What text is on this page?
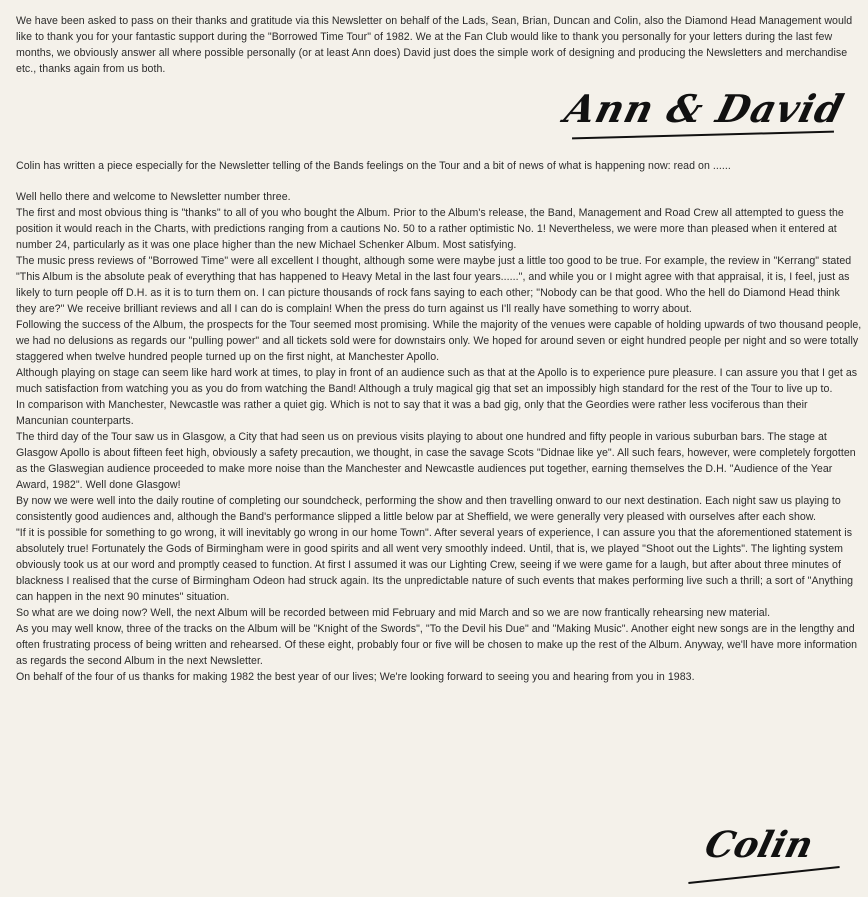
We have been asked to pass on their thanks and gratitude via this Newsletter on behalf of the Lads, Sean, Brian, Duncan and Colin, also the Diamond Head Management would like to thank you for your fantastic support during the "Borrowed Time Tour" of 1982. We at the Fan Club would like to thank you personally for your letters during the last few months, we obviously answer all where possible personally (or at least Ann does) David just does the simple work of designing and producing the Newsletters and merchandise etc., thanks again from us both.

Ann & David

Colin has written a piece especially for the Newsletter telling of the Bands feelings on the Tour and a bit of news of what is happening now: read on ......

Well hello there and welcome to Newsletter number three.

The first and most obvious thing is "thanks" to all of you who bought the Album. Prior to the Album's release, the Band, Management and Road Crew all attempted to guess the position it would reach in the Charts, with predictions ranging from a cautions No. 50 to a rather optimistic No. 1! Nevertheless, we were more than pleased when it entered at number 24, particularly as it was one place higher than the new Michael Schenker Album. Most satisfying.

The music press reviews of "Borrowed Time" were all excellent I thought, although some were maybe just a little too good to be true. For example, the review in "Kerrang" stated "This Album is the absolute peak of everything that has happened to Heavy Metal in the last four years......", and while you or I might agree with that appraisal, it is, I feel, just as likely to turn people off D.H. as it is to turn them on. I can picture thousands of rock fans saying to each other; "Nobody can be that good. Who the hell do Diamond Head think they are?" We receive brilliant reviews and all I can do is complain! When the press do turn against us I'll really have something to worry about.

Following the success of the Album, the prospects for the Tour seemed most promising. While the majority of the venues were capable of holding upwards of two thousand people, we had no delusions as regards our "pulling power" and all tickets sold were for downstairs only. We hoped for around seven or eight hundred people per night and so were totally staggered when twelve hundred people turned up on the first night, at Manchester Apollo.

Although playing on stage can seem like hard work at times, to play in front of an audience such as that at the Apollo is to experience pure pleasure. I can assure you that I get as much satisfaction from watching you as you do from watching the Band! Although a truly magical gig that set an impossibly high standard for the rest of the Tour to live up to.

In comparison with Manchester, Newcastle was rather a quiet gig. Which is not to say that it was a bad gig, only that the Geordies were rather less vociferous than their Mancunian counterparts.

The third day of the Tour saw us in Glasgow, a City that had seen us on previous visits playing to about one hundred and fifty people in various suburban bars. The stage at Glasgow Apollo is about fifteen feet high, obviously a safety precaution, we thought, in case the savage Scots "Didnae like ye". All such fears, however, were completely forgotten as the Glaswegian audience proceeded to make more noise than the Manchester and Newcastle audiences put together, earning themselves the D.H. "Audience of the Year Award, 1982". Well done Glasgow!

By now we were well into the daily routine of completing our soundcheck, performing the show and then travelling onward to our next destination. Each night saw us playing to consistently good audiences and, although the Band's performance slipped a little below par at Sheffield, we were generally very pleased with ourselves after each show.

"If it is possible for something to go wrong, it will inevitably go wrong in our home Town". After several years of experience, I can assure you that the aforementioned statement is absolutely true! Fortunately the Gods of Birmingham were in good spirits and all went very smoothly indeed. Until, that is, we played "Shoot out the Lights". The lighting system obviously took us at our word and promptly ceased to function. At first I assumed it was our Lighting Crew, seeing if we were game for a laugh, but after about three minutes of blackness I realised that the curse of Birmingham Odeon had struck again. Its the unpredictable nature of such events that makes performing live such a thrill; a sort of "Anything can happen in the next 90 minutes" situation.

So what are we doing now? Well, the next Album will be recorded between mid February and mid March and so we are now frantically rehearsing new material.

As you may well know, three of the tracks on the Album will be "Knight of the Swords", "To the Devil his Due" and "Making Music". Another eight new songs are in the lengthy and often frustrating process of being written and rehearsed. Of these eight, probably four or five will be chosen to make up the rest of the Album. Anyway, we'll have more information as regards the second Album in the next Newsletter.

On behalf of the four of us thanks for making 1982 the best year of our lives; We're looking forward to seeing you and hearing from you in 1983.

Colin
